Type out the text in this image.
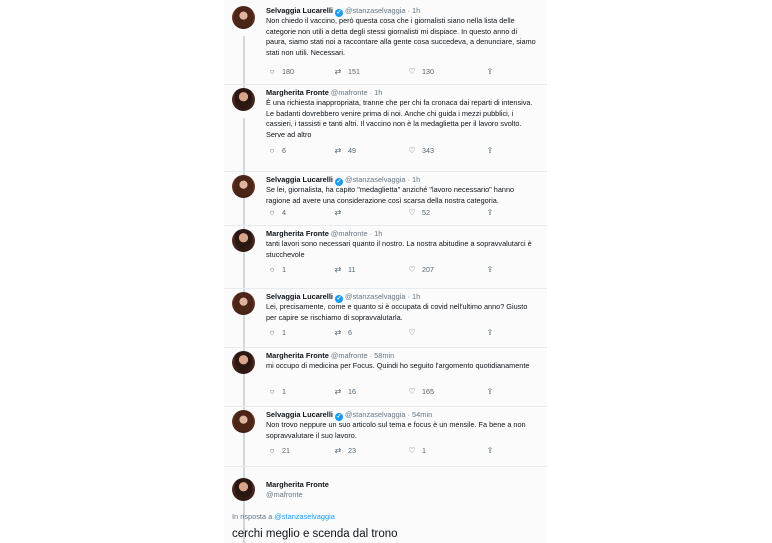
Selvaggia Lucarelli ✓ @stanzaselvaggia · 1h
Non chiedo il vaccino, però questa cosa che i giornalisti siano nella lista delle categorie non utili a detta degli stessi giornalisti mi dispiace. In questo anno di paura, siamo stati noi a raccontare alla gente cosa succedeva, a denunciare, siamo stati non utili. Necessari.
○	180	⇄ 151	♡ 130	⇪
Margherita Fronte @mafronte · 1h
È una richiesta inappropriata, tranne che per chi fa cronaca dai reparti di intensiva. Le badanti dovrebbero venire prima di noi. Anche chi guida i mezzi pubblici, i cassieri, i tassisti e tanti altri. Il vaccino non è la medaglietta per il lavoro svolto. Serve ad altro
○	6	⇄ 49	♡ 343	⇪
Selvaggia Lucarelli ✓ @stanzaselvaggia · 1h
Se lei, giornalista, ha capito "medaglietta" anziché "lavoro necessario" hanno ragione ad avere una considerazione così scarsa della nostra categoria.
○	4	⇄	♡ 52	⇪
Margherita Fronte @mafronte · 1h
tanti lavori sono necessari quanto il nostro. La nostra abitudine a sopravvalutarci è stucchevole
○	1	⇄ 11	♡ 207	⇪
Selvaggia Lucarelli ✓ @stanzaselvaggia · 1h
Lei, precisamente, come e quanto si è occupata di covid nell'ultimo anno? Giusto per capire se rischiamo di sopravvalutarla.
○	1	⇄ 6	♡	⇪
Margherita Fronte @mafronte · 58min
mi occupo di medicina per Focus. Quindi ho seguito l'argomento quotidianamente
○	1	⇄ 16	♡ 165	⇪
Selvaggia Lucarelli ✓ @stanzaselvaggia · 54min
Non trovo neppure un suo articolo sul tema e focus è un mensile. Fa bene a non sopravvalutare il suo lavoro.
○	21	⇄ 23	♡ 1	⇪
Margherita Fronte
@mafronte
In risposta a @stanzaselvaggia
cerchi meglio e scenda dal trono
